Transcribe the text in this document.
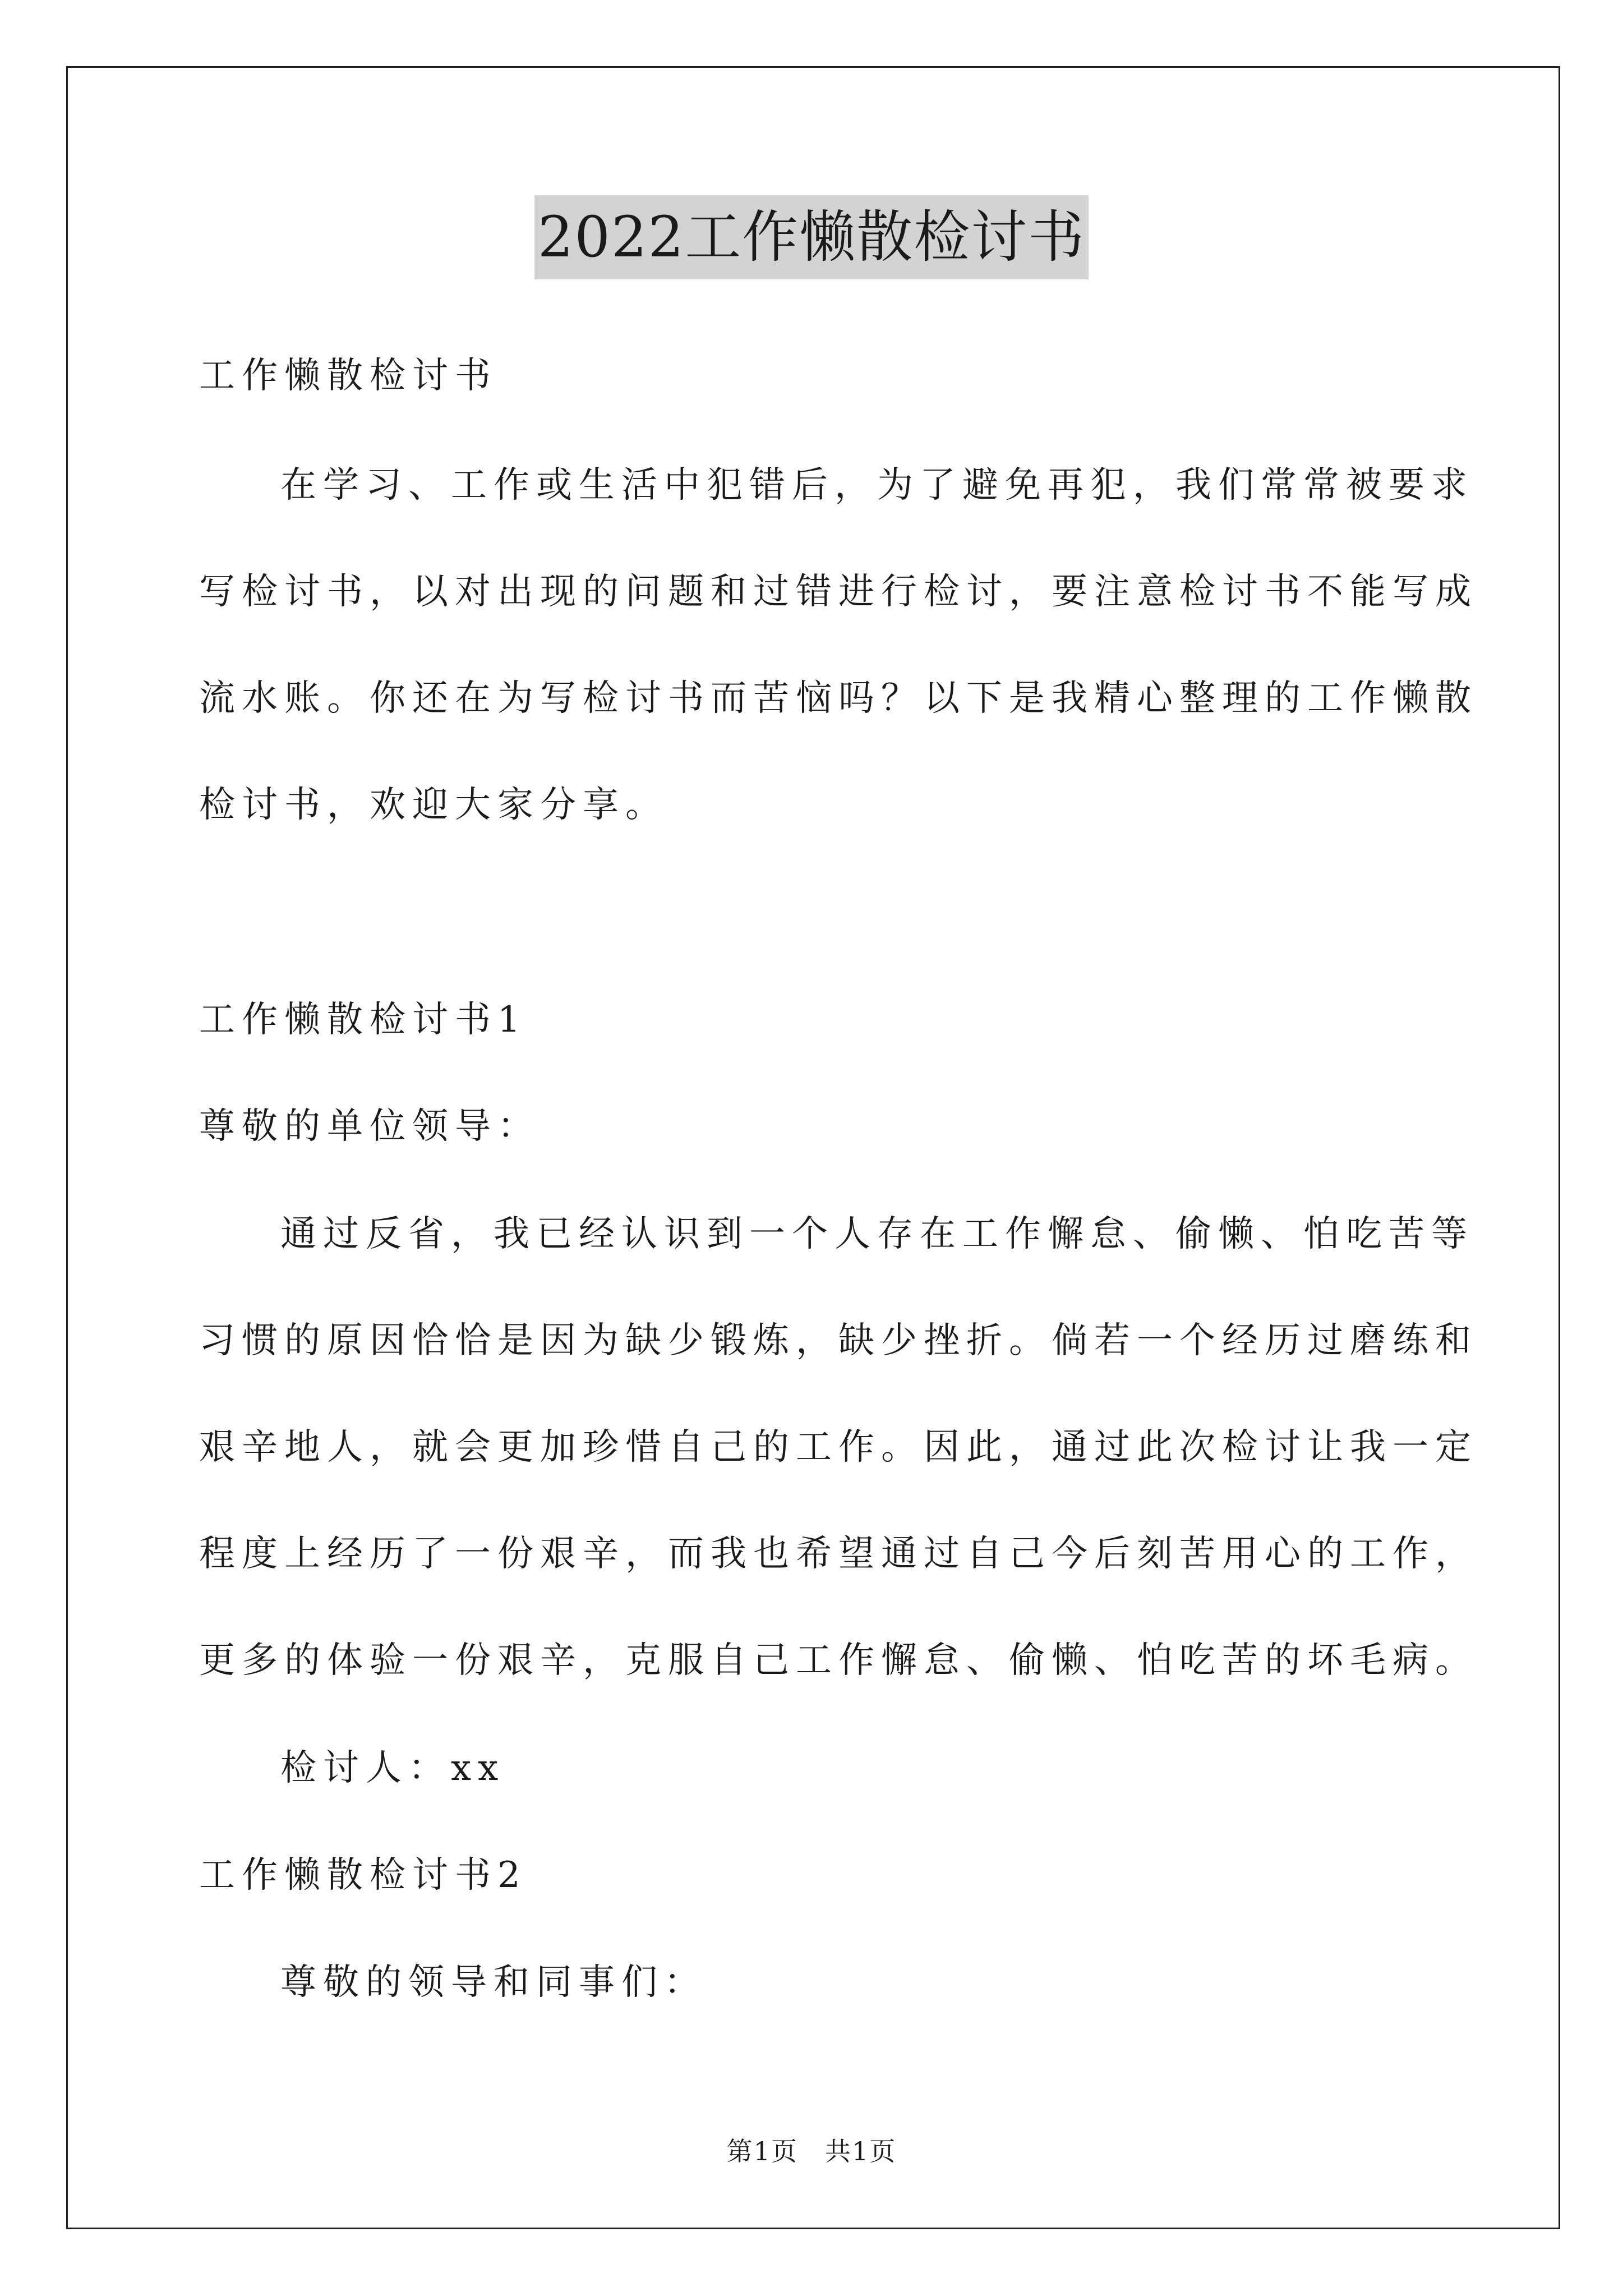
2022工作懒散检讨书

工作懒散检讨书

在学习、工作或生活中犯错后，为了避免再犯，我们常常被要求

写检讨书，以对出现的问题和过错进行检讨，要注意检讨书不能写成

流水账。你还在为写检讨书而苦恼吗？以下是我精心整理的工作懒散

检讨书，欢迎大家分享。

工作懒散检讨书1

尊敬的单位领导：

通过反省，我已经认识到一个人存在工作懈怠、偷懒、怕吃苦等

习惯的原因恰恰是因为缺少锻炼，缺少挫折。倘若一个经历过磨练和

艰辛地人，就会更加珍惜自己的工作。因此，通过此次检讨让我一定

程度上经历了一份艰辛，而我也希望通过自己今后刻苦用心的工作，

更多的体验一份艰辛，克服自己工作懈怠、偷懒、怕吃苦的坏毛病。

检讨人：xx

工作懒散检讨书2

尊敬的领导和同事们：

第1页　共1页
